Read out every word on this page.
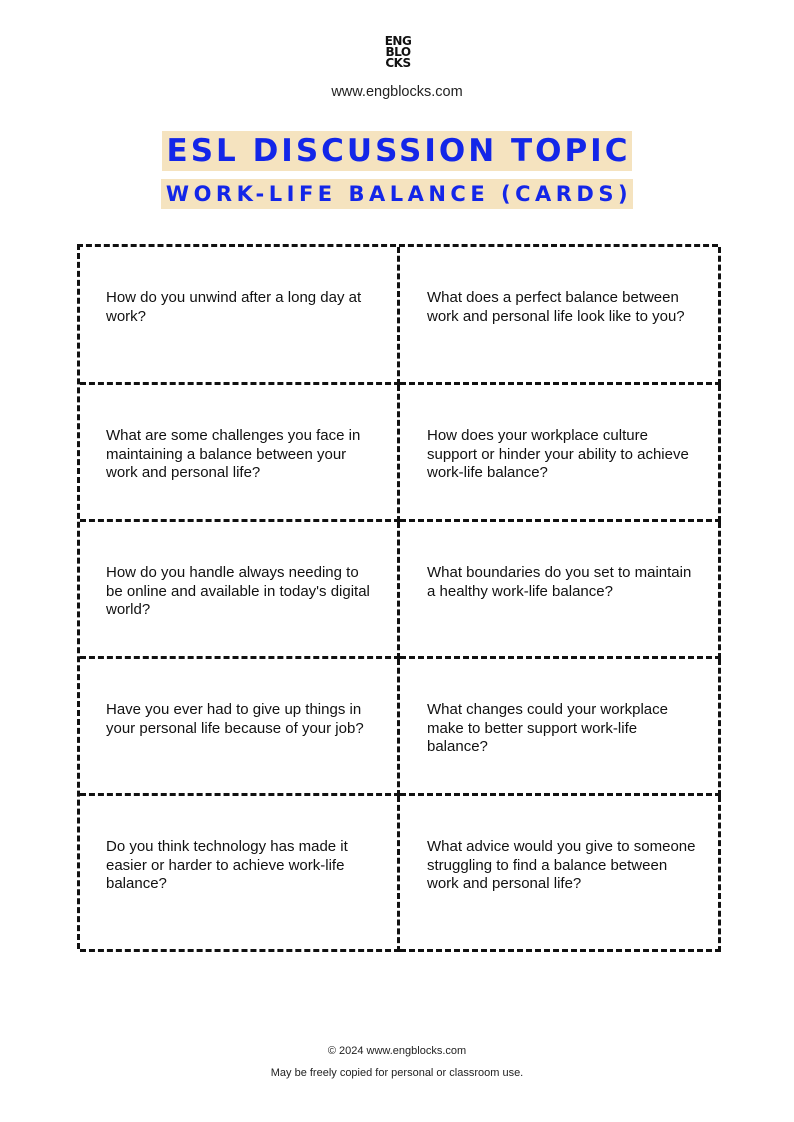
ENG
BLO
CKS
www.engblocks.com
ESL DISCUSSION TOPIC
WORK-LIFE BALANCE (CARDS)
How do you unwind after a long day at work?
What does a perfect balance between work and personal life look like to you?
What are some challenges you face in maintaining a balance between your work and personal life?
How does your workplace culture support or hinder your ability to achieve work-life balance?
How do you handle always needing to be online and available in today's digital world?
What boundaries do you set to maintain a healthy work-life balance?
Have you ever had to give up things in your personal life because of your job?
What changes could your workplace make to better support work-life balance?
Do you think technology has made it easier or harder to achieve work-life balance?
What advice would you give to someone struggling to find a balance between work and personal life?
© 2024 www.engblocks.com
May be freely copied for personal or classroom use.
